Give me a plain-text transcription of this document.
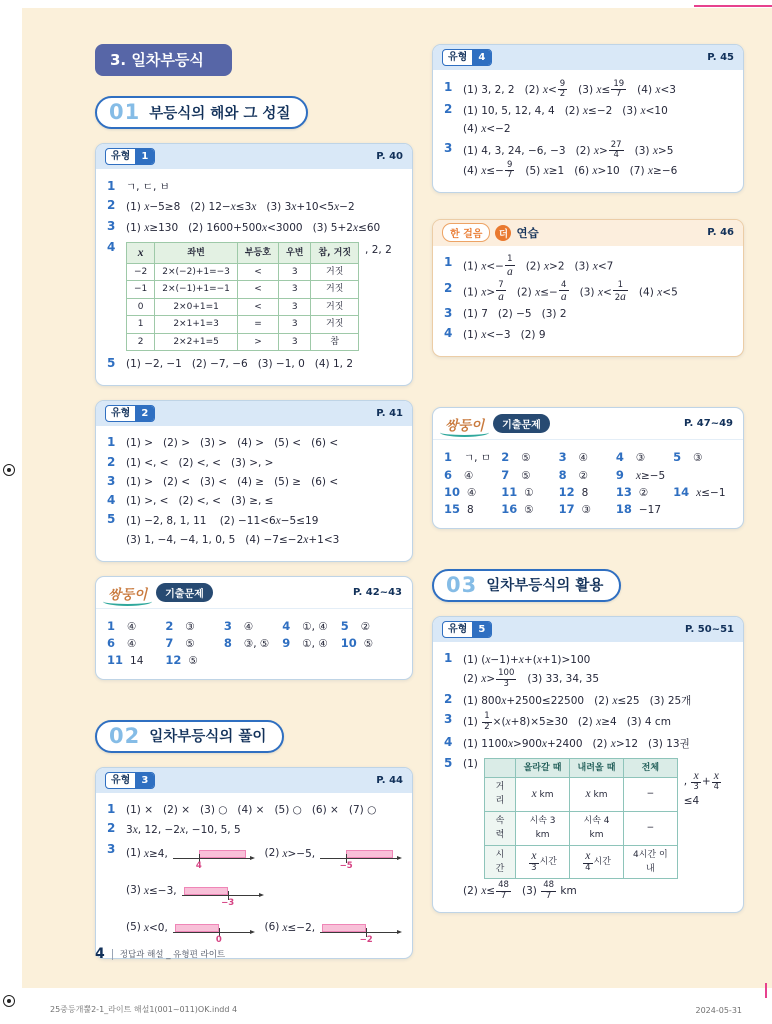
3. 일차부등식
01 부등식의 해와 그 성질
유형	1	P. 40
1	ㄱ, ㄷ, ㅂ
2	(1) x−5≥8   (2) 12−x≤3x   (3) 3x+10<5x−2
3	(1) x≥130   (2) 1600+500x<3000   (3) 5+2x≤60
4	x	좌변	부등호	우변	참, 거짓
−2	2×(−2)+1=−3	<	3	거짓
−1	2×(−1)+1=−1	<	3	거짓
0	2×0+1=1	<	3	거짓
1	2×1+1=3	=	3	거짓
2	2×2+1=5	>	3	참
, 2, 2
5	(1) −2, −1   (2) −7, −6   (3) −1, 0   (4) 1, 2
유형	2	P. 41
1	(1) >   (2) >   (3) >   (4) >   (5) <   (6) <
2	(1) <, <   (2) <, <   (3) >, >
3	(1) >   (2) <   (3) <   (4) ≥   (5) ≥   (6) <
4	(1) >, <   (2) <, <   (3) ≥, ≤
5	(1) −2, 8, 1, 11    (2) −11<6x−5≤19
(3) 1, −4, −4, 1, 0, 5   (4) −7≤−2x+1<3
쌍둥이	기출문제	P. 42~43
1	④	2	③	3	④	4	①, ④ 5	②
6	④	7	⑤	8	③, ⑤ 9	①, ④ 10 ⑤
11 14 12 ⑤
02 일차부등식의 풀이
유형	3	P. 44
1	(1) ×   (2) ×   (3) ○   (4) ×   (5) ○   (6) ×   (7) ○
2	3x, 12, −2x, −10, 5, 5
3	(1) x≥4,
4
(2) x>−5,
−5
(3) x≤−3,
−3
(5) x<0,
0
(6) x≤−2,
−2
유형	4	P. 45
1	(1) 3, 2, 2   (2) $x< \frac{9}{2} (3)$ $x\le \frac{19}{7} (4)$ x<3
2	(1) 10, 5, 12, 4, 4   (2) x≤−2   (3) x<10
(4) x<−2
3	(1) 4, 3, 24, −6, −3   (2) $x> \frac{27}{4} (3)$ x>5
(4) $x\le- \frac{9}{7} (5)$ x≥1   (6) x>10   (7) x≥−6
한 걸음	더 연습	P. 46
1	(1) $x<- \frac{1}{a} (2)$ x>2   (3) x<7
2	(1) $x> \frac{7}{a} (2)$ $x\le- \frac{4}{a} (3)$ $x< \frac{1}{2a} (4)$ x<5
3	(1) 7   (2) −5   (3) 2
4	(1) x<−3   (2) 9
쌍둥이	기출문제	P. 47~49
1	ㄱ, ㅁ 2	⑤ 3	④ 4	③ 5	③
6	④ 7	⑤ 8	② 9	x≥−5
10 ④ 11 ① 12 8 13 ② 14 x≤−1
15 8 16 ⑤ 17 ③ 18 −17
03 일차부등식의 활용
유형	5	P. 50~51
1	(1) (x−1)+x+(x+1)>100
(2) $x> \frac{100}{3} (3)$ 33, 34, 35
2	(1) 800x+2500≤22500   (2) x≤25   (3) 25개
3	$(1) \frac{1}{2} \times(x+8)\times 5\ge 30$   (2) x≥4   (3) 4 cm
4	(1) 1100x>900x+2400   (2) x>12   (3) 13권
5	(1)
		올라갈 때	내려올 때	전체
거리	x km	x km	−
속력	시속 3 km	시속 4 km	−
시간	$\frac{x}{3}$ 시간	$\frac{x}{4}$ 시간	4시간 이내
, $\frac{x}{3} + \frac{x}{4}$
≤4
(2) $x\le \frac{48}{7} (3) \frac{48}{7}$ km
4 정답과 해설 _ 유형편 라이트
25중등개뿔2-1_라이트 해설1(001~011)OK.indd 4	2024-05-31
